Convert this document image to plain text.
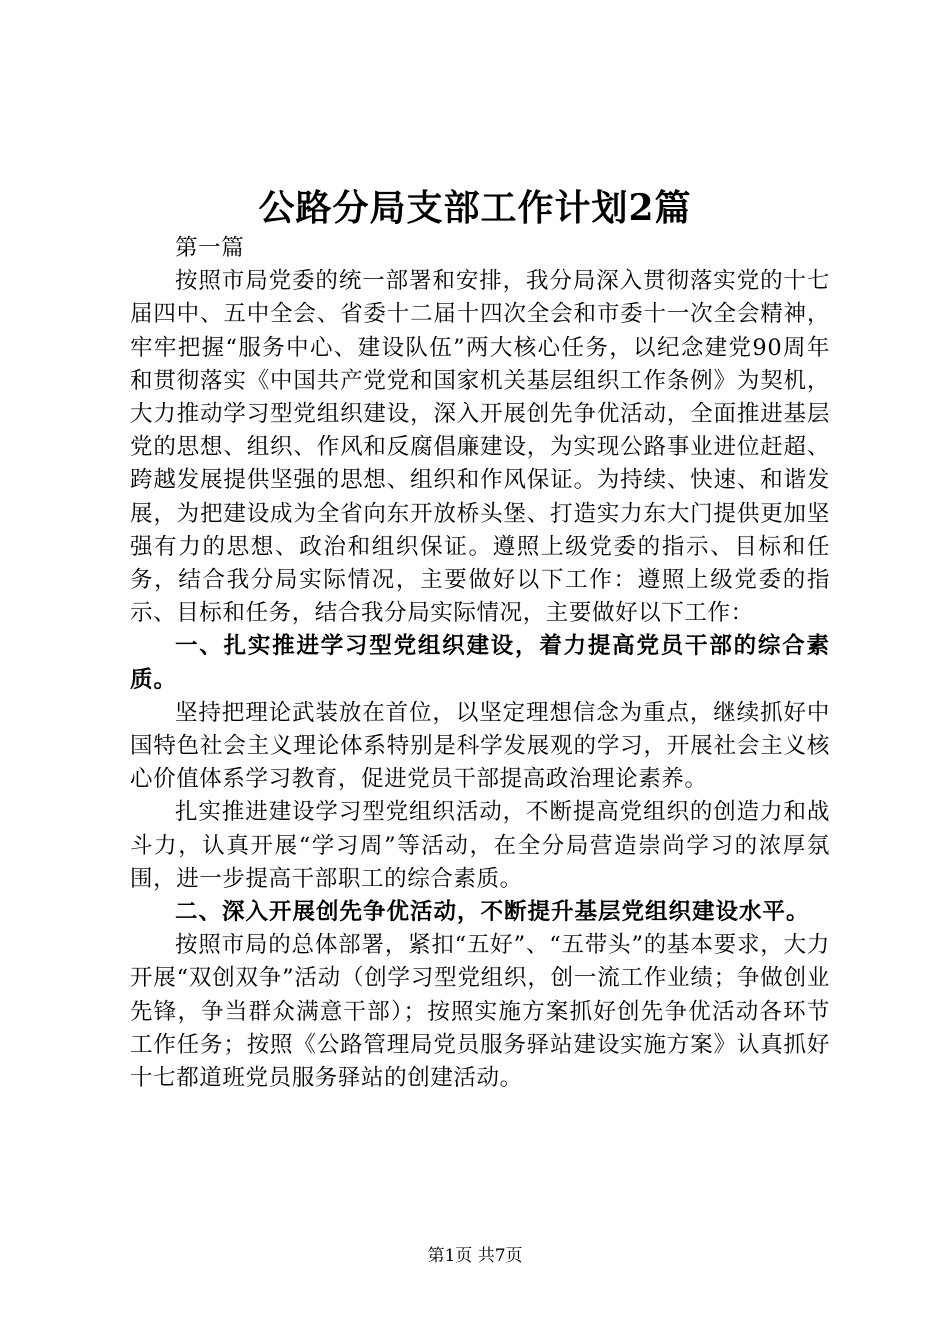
公路分局支部工作计划2篇

第一篇

按照市局党委的统一部署和安排，我分局深入贯彻落实党的十七届四中、五中全会、省委十二届十四次全会和市委十一次全会精神，牢牢把握“服务中心、建设队伍”两大核心任务，以纪念建党90周年和贯彻落实《中国共产党党和国家机关基层组织工作条例》为契机，大力推动学习型党组织建设，深入开展创先争优活动，全面推进基层党的思想、组织、作风和反腐倡廉建设，为实现公路事业进位赶超、跨越发展提供坚强的思想、组织和作风保证。为持续、快速、和谐发展，为把建设成为全省向东开放桥头堡、打造实力东大门提供更加坚强有力的思想、政治和组织保证。遵照上级党委的指示、目标和任务，结合我分局实际情况，主要做好以下工作：遵照上级党委的指示、目标和任务，结合我分局实际情况，主要做好以下工作：

一、扎实推进学习型党组织建设，着力提高党员干部的综合素质。

坚持把理论武装放在首位，以坚定理想信念为重点，继续抓好中国特色社会主义理论体系特别是科学发展观的学习，开展社会主义核心价值体系学习教育，促进党员干部提高政治理论素养。

扎实推进建设学习型党组织活动，不断提高党组织的创造力和战斗力，认真开展“学习周”等活动，在全分局营造崇尚学习的浓厚氛围，进一步提高干部职工的综合素质。

二、深入开展创先争优活动，不断提升基层党组织建设水平。

按照市局的总体部署，紧扣“五好”、“五带头”的基本要求，大力开展“双创双争”活动（创学习型党组织，创一流工作业绩；争做创业先锋，争当群众满意干部）；按照实施方案抓好创先争优活动各环节工作任务；按照《公路管理局党员服务驿站建设实施方案》认真抓好十七都道班党员服务驿站的创建活动。

第1页 共7页
